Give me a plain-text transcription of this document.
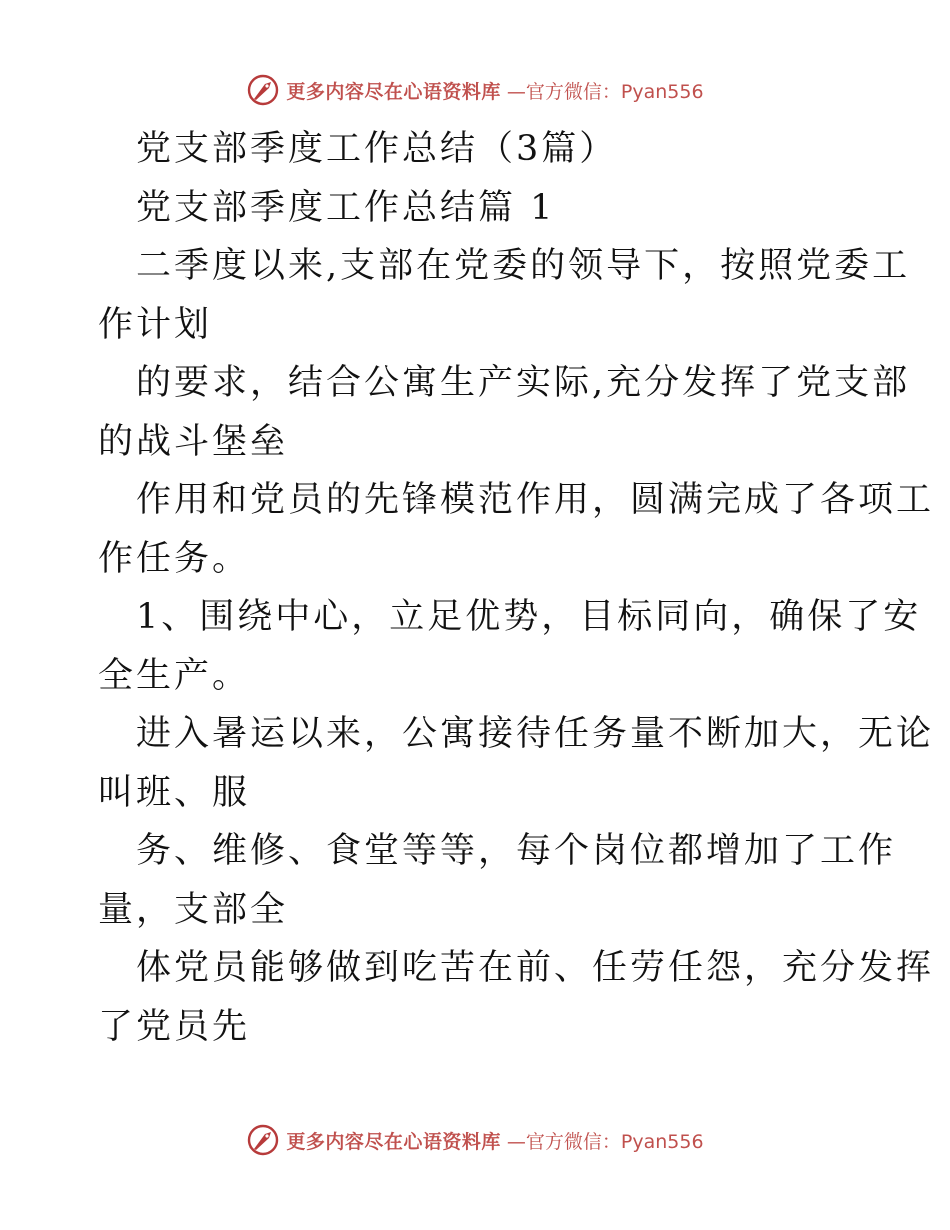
更多内容尽在心语资料库 —官方微信：Pyan556
党支部季度工作总结（3篇）
党支部季度工作总结篇 1
二季度以来,支部在党委的领导下，按照党委工
作计划
的要求，结合公寓生产实际,充分发挥了党支部
的战斗堡垒
作用和党员的先锋模范作用，圆满完成了各项工
作任务。
1、围绕中心，立足优势，目标同向，确保了安
全生产。
进入暑运以来，公寓接待任务量不断加大，无论
叫班、服
务、维修、食堂等等，每个岗位都增加了工作
量，支部全
体党员能够做到吃苦在前、任劳任怨，充分发挥
了党员先
更多内容尽在心语资料库 —官方微信：Pyan556
